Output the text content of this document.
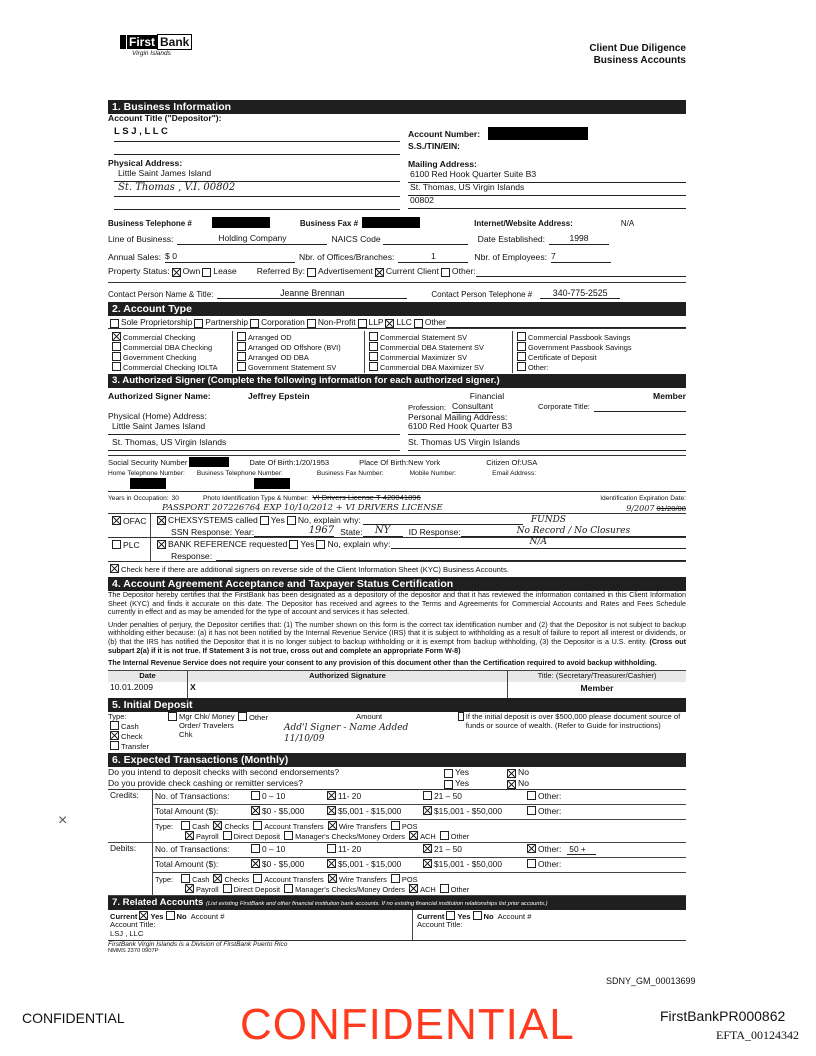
First Bank
Virgin Islands	Client Due Diligence
Business Accounts
1. Business Information
Account Title ("Depositor"):
L S J , L L C
Physical Address:
Little Saint James Island
St. Thomas , V.I. 00802
Account Number:
S.S./TIN/EIN:
Mailing Address:
6100 Red Hook Quarter Suite B3
St. Thomas, US Virgin Islands
00802
Business Telephone #	Business Fax #	Internet/Website Address:	N/A
Line of Business:	Holding Company	NAICS Code	Date Established:	1998
Annual Sales: $ 0	Nbr. of Offices/Branches:	1	Nbr. of Employees: 7
Property Status: Own Lease Referred By: Advertisement Current Client Other:
Contact Person Name & Title:	Jeanne Brennan	Contact Person Telephone #	340-775-2525
2. Account Type
Sole Proprietorship Partnership Corporation Non-Profit LLP LLC Other
Commercial Checking
Commercial DBA Checking
Government Checking
Commercial Checking IOLTA
Arranged OD
Arranged OD Offshore (BVI)
Arranged OD DBA
Government Statement SV
Commercial Statement SV
Commercial DBA Statement SV
Commercial Maximizer SV
Commercial DBA Maximizer SV
Commercial Passbook Savings
Government Passbook Savings
Certificate of Deposit
Other:
3. Authorized Signer (Complete the following information for each authorized signer.)
Authorized Signer Name:	Jeffrey Epstein
Physical (Home) Address:
Little Saint James Island
St. Thomas, US Virgin Islands
Financial
Profession: Consultant
Member
Corporate Title:
Personal Mailing Address:
6100 Red Hook Quarter B3
St. Thomas US Virgin Islands
Social Security Number	Date Of Birth: 1/20/1953	Place Of Birth: New York	Citizen Of: USA
Home Telephone Number: Business Telephone Number:	Business Fax Number:	Mobile Number:	Email Address:
Years in Occupation: 30	Photo Identification Type & Number: VI Drivers License T-420041896	Identification Expiration Date:
PASSPORT 207226764 EXP 10/10/2012 + VI DRIVERS LICENSE	9/2007 01/20/08
OFAC	CHEXSYSTEMS called Yes No, explain why:	FUNDS
SSN Response: Year:	1967 State:	NY	ID Response:	No Record / No Closures
PLC	BANK REFERENCE requested Yes No, explain why:	N/A
Response:
Check here if there are additional signers on reverse side of the Client Information Sheet (KYC) Business Accounts.
4. Account Agreement Acceptance and Taxpayer Status Certification
The Depositor hereby certifies that the FirstBank has been designated as a depository of the depositor and that it has reviewed the information contained in this Client Information Sheet (KYC) and finds it accurate on this date. The Depositor has received and agrees to the Terms and Agreements for Commercial Accounts and Rates and Fees Schedule currently in effect and as may be amended for the type of account and services it has selected.
Under penalties of perjury, the Depositor certifies that: (1) The number shown on this form is the correct tax identification number and (2) that the Depositor is not subject to backup withholding either because: (a) it has not been notified by the Internal Revenue Service (IRS) that it is subject to withholding as a result of failure to report all interest or dividends, or (b) that the IRS has notified the Depositor that it is no longer subject to backup withholding or it is exempt from backup withholding, (3) the Depositor is a U.S. entity. (Cross out subpart 2(a) if it is not true. If Statement 3 is not true, cross out and complete an appropriate Form W-8)
The Internal Revenue Service does not require your consent to any provision of this document other than the Certification required to avoid backup withholding.
Date	Authorized Signature	Title: (Secretary/Treasurer/Cashier)
10.01.2009	X	Member
5. Initial Deposit
Type:
Cash
Check
Transfer
Mgr Chk/ Money Order/ Travelers Chk
Other	Amount
Add'l Signer - Name Added 11/10/09
If the initial deposit is over $500,000 please document source of funds or source of wealth. (Refer to Guide for instructions)
6. Expected Transactions (Monthly)
Do you intend to deposit checks with second endorsements?	Yes	No
Do you provide check cashing or remitter services?	Yes	No
Credits:	No. of Transactions:	0 – 10	11- 20	21 – 50	Other:
	Total Amount ($):	$0 - $5,000	$5,001 - $15,000	$15,001 - $50,000	Other:
	Type: Cash Checks Account Transfers Wire Transfers POS
Payroll Direct Deposit Manager's Checks/Money Orders ACH Other				
Debits:	No. of Transactions:	0 – 10	11- 20	21 – 50	Other: 50 +
	Total Amount ($):	$0 - $5,000	$5,001 - $15,000	$15,001 - $50,000	Other:
	Type: Cash Checks Account Transfers Wire Transfers POS
Payroll Direct Deposit Manager's Checks/Money Orders ACH Other				
7. Related Accounts (List existing FirstBank and other financial institution bank accounts. If no existing financial institution relationships list prior accounts.)
Current Yes No Account #
Account Title:
LSJ , LLC
Current Yes No Account #
Account Title:
FirstBank Virgin Islands is a Division of FirstBank Puerto Rico
NMMS 2370 0907P
SDNY_GM_00013699
CONFIDENTIAL	CONFIDENTIAL	FirstBankPR000862
EFTA_00124342
×
